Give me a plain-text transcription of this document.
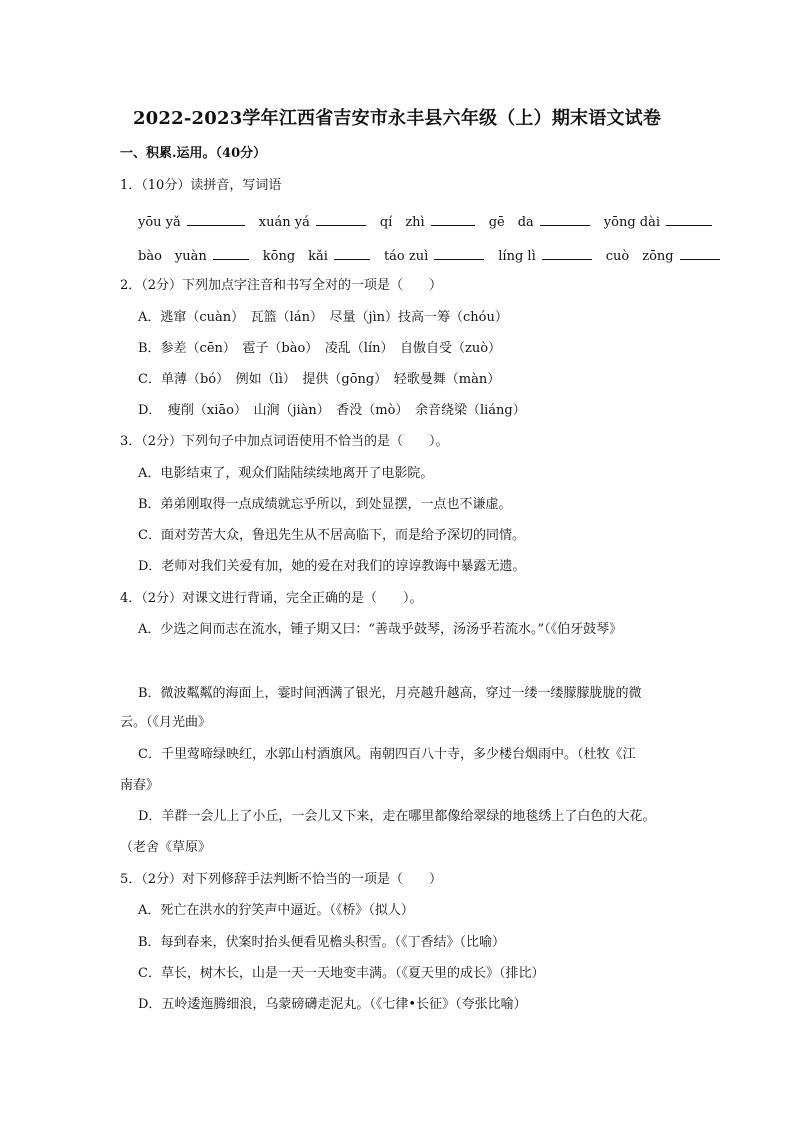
2022-2023学年江西省吉安市永丰县六年级（上）期末语文试卷
一、积累.运用。（40分）
1．（10分）读拼音，写词语
yōu yǎ	xuán yá	qí　zhì	gē　da	yōng dài
bào　yuàn	kōng　kǎi	táo zuì	líng lì	cuò　zōng
2．（2分）下列加点字注音和书写全对的一项是（　　）
A．逃窜（cuàn）　瓦篮（lán）　尽量（jìn）技高一筹（chóu）
B．参差（cēn）　雹子（bào）　凌乱（lín）　自傲自受（zuò）
C．单薄（bó）　例如（lì）　提供（gōng）　轻歌曼舞（màn）
D．　瘦削（xiāo）　山涧（jiàn）　香没（mò）　余音绕梁（liáng）
3．（2分）下列句子中加点词语使用不恰当的是（　　）。
A．电影结束了，观众们陆陆续续地离开了电影院。
B．弟弟刚取得一点成绩就忘乎所以，到处显摆，一点也不谦虚。
C．面对劳苦大众，鲁迅先生从不居高临下，而是给予深切的同情。
D．老师对我们关爱有加，她的爱在对我们的谆谆教诲中暴露无遗。
4．（2分）对课文进行背诵，完全正确的是（　　）。
A．少选之间而志在流水，锺子期又曰：“善哉乎鼓琴，汤汤乎若流水。”（《伯牙鼓琴》
B．微波粼粼的海面上，霎时间洒满了银光，月亮越升越高，穿过一缕一缕朦朦胧胧的微
云。（《月光曲》
C．千里莺啼绿映红，水郭山村酒旗风。南朝四百八十寺，多少楼台烟雨中。（杜牧《江
南春》
D．羊群一会儿上了小丘，一会儿又下来，走在哪里都像给翠绿的地毯绣上了白色的大花。
（老舍《草原》
5．（2分）对下列修辞手法判断不恰当的一项是（　　）
A．死亡在洪水的狞笑声中逼近。（《桥》（拟人）
B．每到春来，伏案时抬头便看见檐头积雪。（《丁香结》（比喻）
C．草长，树木长，山是一天一天地变丰满。（《夏天里的成长》（排比）
D．五岭逶迤腾细浪，乌蒙磅礴走泥丸。（《七律•长征》（夸张比喻）
